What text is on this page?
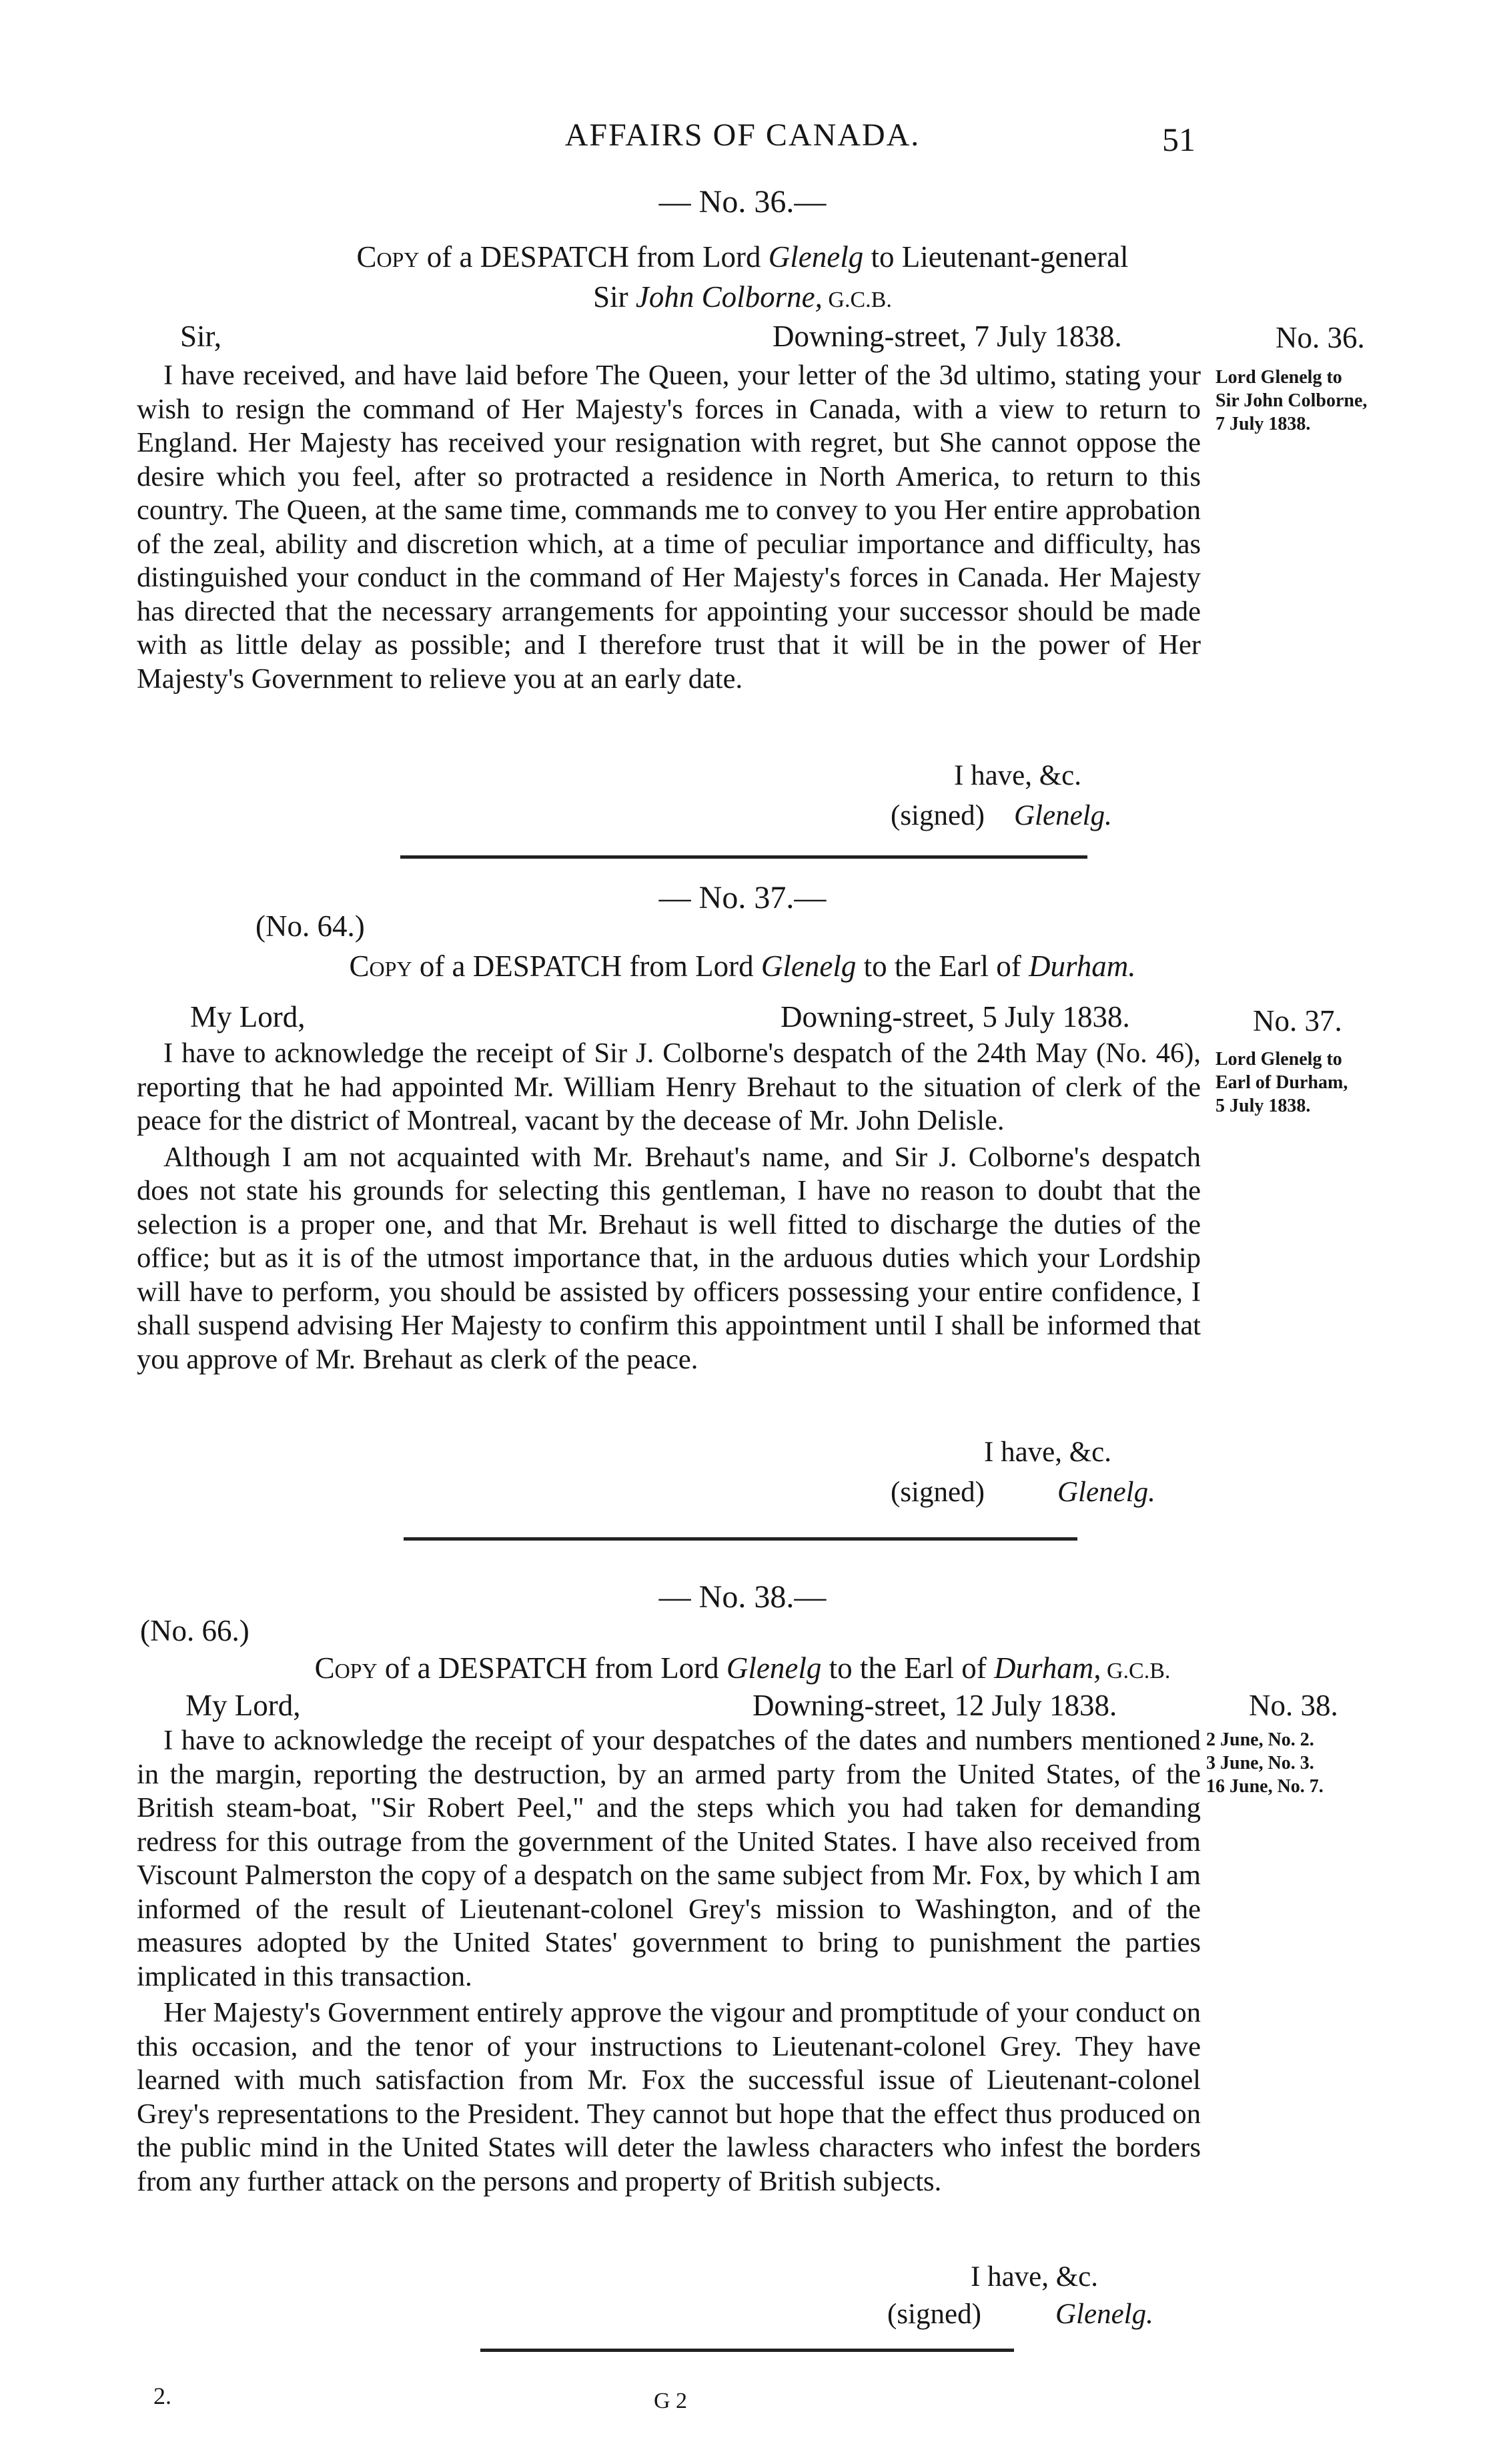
AFFAIRS OF CANADA.	51
— No. 36.—
Copy of a DESPATCH from Lord Glenelg to Lieutenant-general
Sir John Colborne, G.C.B.
Sir,	Downing-street, 7 July 1838.	No. 36.
Lord Glenelg to
Sir John Colborne,
7 July 1838.

I have received, and have laid before The Queen, your letter of the 3d ultimo, stating your wish to resign the command of Her Majesty's forces in Canada, with a view to return to England. Her Majesty has received your resignation with regret, but She cannot oppose the desire which you feel, after so protracted a residence in North America, to return to this country. The Queen, at the same time, commands me to convey to you Her entire approbation of the zeal, ability and discretion which, at a time of peculiar importance and difficulty, has distinguished your conduct in the command of Her Majesty's forces in Canada. Her Majesty has directed that the necessary arrangements for appointing your successor should be made with as little delay as possible; and I therefore trust that it will be in the power of Her Majesty's Government to relieve you at an early date.

I have, &c.
(signed) Glenelg.
— No. 37.—
(No. 64.)
Copy of a DESPATCH from Lord Glenelg to the Earl of Durham.
My Lord,	Downing-street, 5 July 1838.	No. 37.
Lord Glenelg to
Earl of Durham,
5 July 1838.

I have to acknowledge the receipt of Sir J. Colborne's despatch of the 24th May (No. 46), reporting that he had appointed Mr. William Henry Brehaut to the situation of clerk of the peace for the district of Montreal, vacant by the decease of Mr. John Delisle.

Although I am not acquainted with Mr. Brehaut's name, and Sir J. Colborne's despatch does not state his grounds for selecting this gentleman, I have no reason to doubt that the selection is a proper one, and that Mr. Brehaut is well fitted to discharge the duties of the office; but as it is of the utmost importance that, in the arduous duties which your Lordship will have to perform, you should be assisted by officers possessing your entire confidence, I shall suspend advising Her Majesty to confirm this appointment until I shall be informed that you approve of Mr. Brehaut as clerk of the peace.

I have, &c.
(signed)	Glenelg.
— No. 38.—
(No. 66.)
Copy of a DESPATCH from Lord Glenelg to the Earl of Durham, G.C.B.
My Lord,	Downing-street, 12 July 1838.	No. 38.
2 June, No. 2.
3 June, No. 3.
16 June, No. 7.

I have to acknowledge the receipt of your despatches of the dates and numbers mentioned in the margin, reporting the destruction, by an armed party from the United States, of the British steam-boat, "Sir Robert Peel," and the steps which you had taken for demanding redress for this outrage from the government of the United States. I have also received from Viscount Palmerston the copy of a despatch on the same subject from Mr. Fox, by which I am informed of the result of Lieutenant-colonel Grey's mission to Washington, and of the measures adopted by the United States' government to bring to punishment the parties implicated in this transaction.

Her Majesty's Government entirely approve the vigour and promptitude of your conduct on this occasion, and the tenor of your instructions to Lieutenant-colonel Grey. They have learned with much satisfaction from Mr. Fox the successful issue of Lieutenant-colonel Grey's representations to the President. They cannot but hope that the effect thus produced on the public mind in the United States will deter the lawless characters who infest the borders from any further attack on the persons and property of British subjects.

I have, &c.
(signed)	Glenelg.
2.	G 2
